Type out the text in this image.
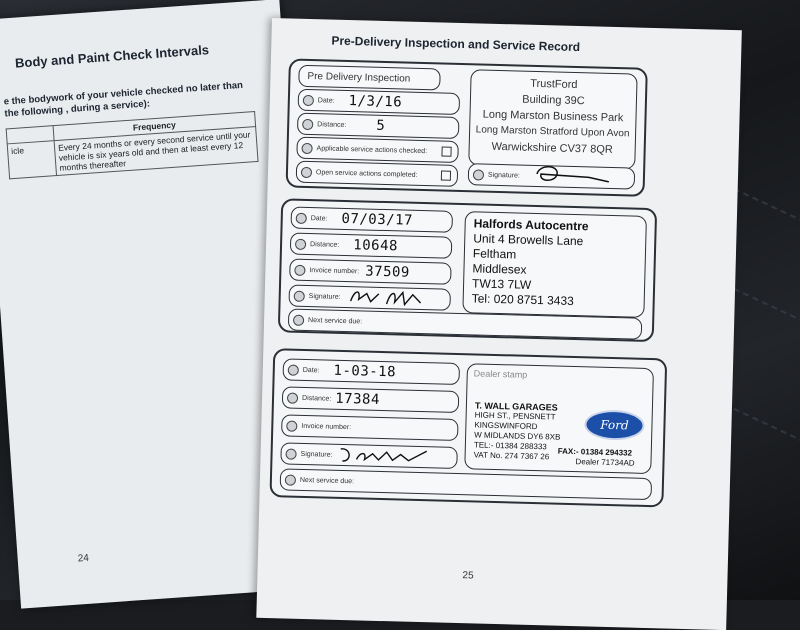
Body and Paint Check Intervals
e the bodywork of your vehicle checked no later than the following , during a service):
	Frequency
icle	Every 24 months or every second service until your vehicle is six years old and then at least every 12 months thereafter
24
Pre-Delivery Inspection and Service Record
Pre Delivery Inspection
Date: 1/3/16
Distance: 5
Applicable service actions checked:
Open service actions completed:
TrustFord
Building 39C
Long Marston Business Park
Long Marston Stratford Upon Avon
Warwickshire CV37 8QR
Signature:
Date: 07/03/17
Distance: 10648
Invoice number: 37509
Signature:
Next service due:
Halfords Autocentre
Unit 4 Browells Lane
Feltham
Middlesex
TW13 7LW
Tel: 020 8751 3433
Date: 1-03-18
Distance: 17384
Invoice number:
Signature:
Next service due:
Dealer stamp
T. WALL GARAGES
HIGH ST., PENSNETT
KINGSWINFORD
W MIDLANDS DY6 8XB
TEL:- 01384 288333
VAT No. 274 7367 26
Ford
FAX:- 01384 294332
Dealer 71734AD
25
